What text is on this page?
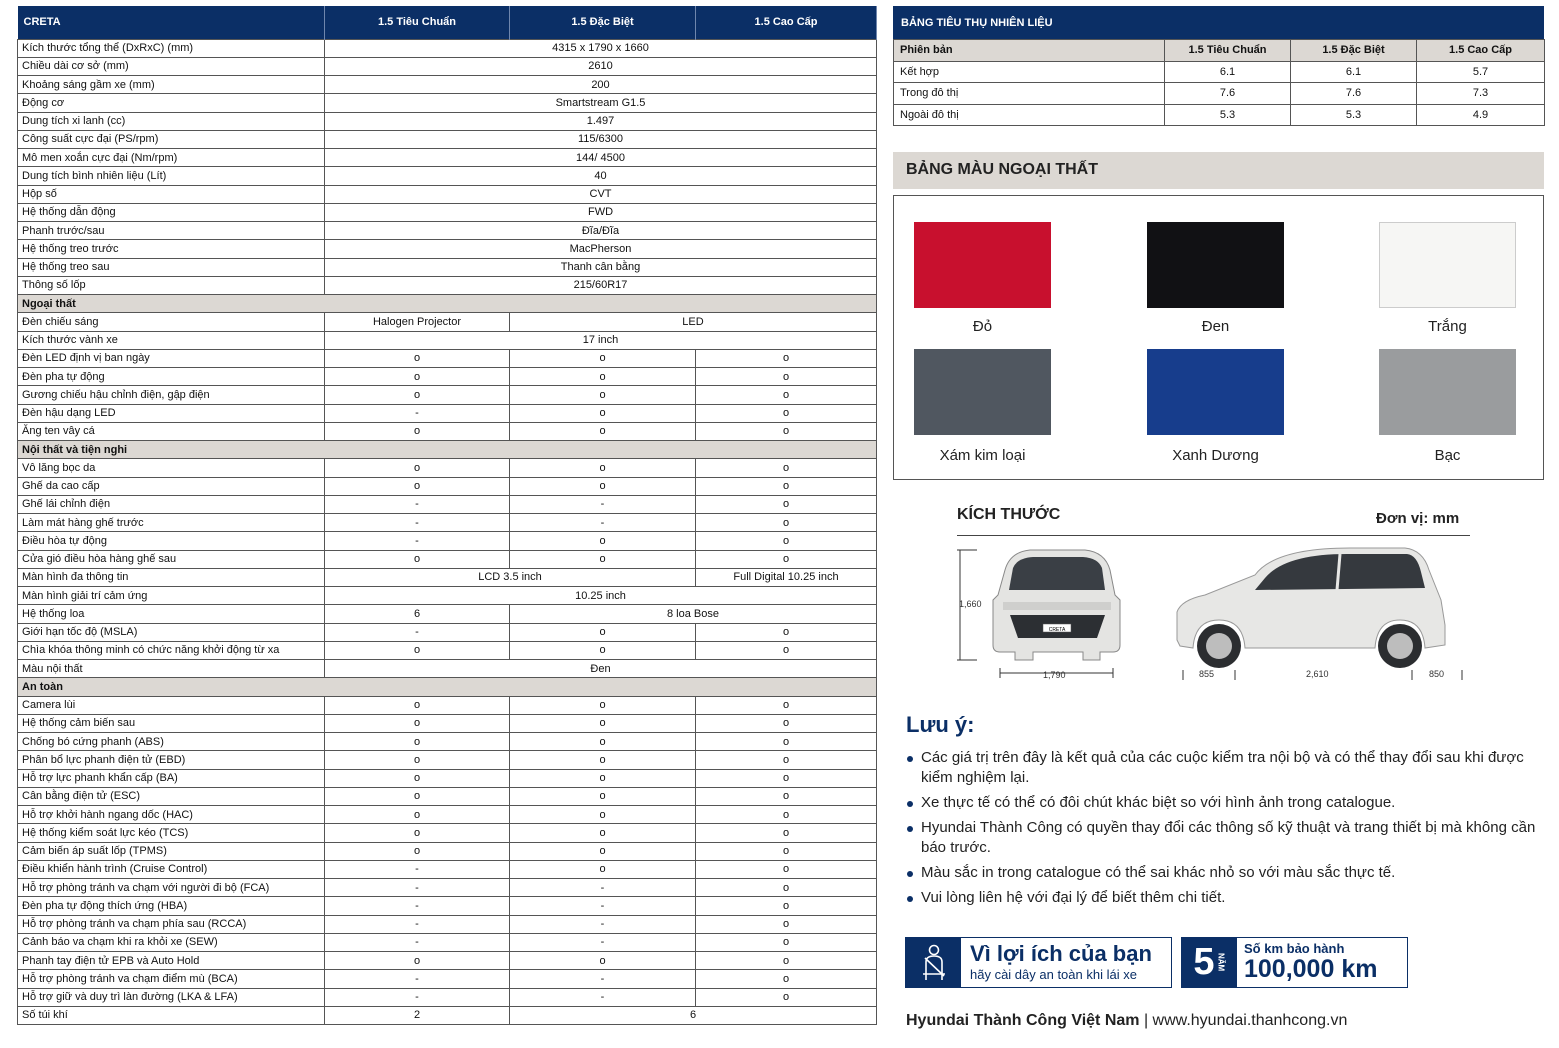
CRETA	1.5 Tiêu Chuẩn	1.5 Đặc Biệt	1.5 Cao Cấp
Kích thước tổng thể (DxRxC) (mm)	4315 x 1790 x 1660		
Chiều dài cơ sở (mm)	2610		
Khoảng sáng gầm xe (mm)	200		
Động cơ	Smartstream G1.5		
Dung tích xi lanh (cc)	1.497		
Công suất cực đại (PS/rpm)	115/6300		
Mô men xoắn cực đại (Nm/rpm)	144/ 4500		
Dung tích bình nhiên liệu (Lít)	40		
Hộp số	CVT		
Hệ thống dẫn động	FWD		
Phanh trước/sau	Đĩa/Đĩa		
Hệ thống treo trước	MacPherson		
Hệ thống treo sau	Thanh cân bằng		
Thông số lốp	215/60R17		
Ngoại thất			
Đèn chiếu sáng	Halogen Projector	LED	
Kích thước vành xe	17 inch		
Đèn LED định vị ban ngày	o	o	o
Đèn pha tự động	o	o	o
Gương chiếu hậu chỉnh điện, gập điện	o	o	o
Đèn hậu dạng LED	-	o	o
Ăng ten vây cá	o	o	o
Nội thất và tiện nghi			
Vô lăng bọc da	o	o	o
Ghế da cao cấp	o	o	o
Ghế lái chỉnh điện	-	-	o
Làm mát hàng ghế trước	-	-	o
Điều hòa tự động	-	o	o
Cửa gió điều hòa hàng ghế sau	o	o	o
Màn hình đa thông tin	LCD 3.5 inch		Full Digital 10.25 inch
Màn hình giải trí cảm ứng	10.25 inch		
Hệ thống loa	6	8 loa Bose	
Giới hạn tốc độ (MSLA)	-	o	o
Chìa khóa thông minh có chức năng khởi động từ xa	o	o	o
Màu nội thất	Đen		
An toàn			
Camera lùi	o	o	o
Hệ thống cảm biến sau	o	o	o
Chống bó cứng phanh (ABS)	o	o	o
Phân bổ lực phanh điện tử (EBD)	o	o	o
Hỗ trợ lực phanh khẩn cấp (BA)	o	o	o
Cân bằng điện tử (ESC)	o	o	o
Hỗ trợ khởi hành ngang dốc (HAC)	o	o	o
Hệ thống kiểm soát lực kéo (TCS)	o	o	o
Cảm biến áp suất lốp (TPMS)	o	o	o
Điều khiển hành trình (Cruise Control)	-	o	o
Hỗ trợ phòng tránh va chạm với người đi bộ (FCA)	-	-	o
Đèn pha tự động thích ứng (HBA)	-	-	o
Hỗ trợ phòng tránh va chạm phía sau (RCCA)	-	-	o
Cảnh báo va chạm khi ra khỏi xe (SEW)	-	-	o
Phanh tay điện tử EPB và Auto Hold	o	o	o
Hỗ trợ phòng tránh va chạm điểm mù (BCA)	-	-	o
Hỗ trợ giữ và duy trì làn đường (LKA & LFA)	-	-	o
Số túi khí	2	6	
BẢNG TIÊU THỤ NHIÊN LIỆU
Phiên bản	1.5 Tiêu Chuẩn	1.5 Đặc Biệt	1.5 Cao Cấp
Kết hợp	6.1	6.1	5.7
Trong đô thị	7.6	7.6	7.3
Ngoài đô thị	5.3	5.3	4.9
BẢNG MÀU NGOẠI THẤT
Đỏ	Đen	Trắng
Xám kim loại	Xanh Dương	Bạc
KÍCH THƯỚC	Đơn vị: mm
CRETA
1,660
1,790	855	2,610	850
Lưu ý:
Các giá trị trên đây là kết quả của các cuộc kiểm tra nội bộ và có thể thay đổi sau khi được kiểm nghiệm lại.
Xe thực tế có thể có đôi chút khác biệt so với hình ảnh trong catalogue.
Hyundai Thành Công có quyền thay đổi các thông số kỹ thuật và trang thiết bị mà không cần báo trước.
Màu sắc in trong catalogue có thể sai khác nhỏ so với màu sắc thực tế.
Vui lòng liên hệ với đại lý để biết thêm chi tiết.
Vì lợi ích của bạn
hãy cài dây an toàn khi lái xe	5 NĂM
Số km bảo hành
100,000 km
Hyundai Thành Công Việt Nam | www.hyundai.thanhcong.vn
